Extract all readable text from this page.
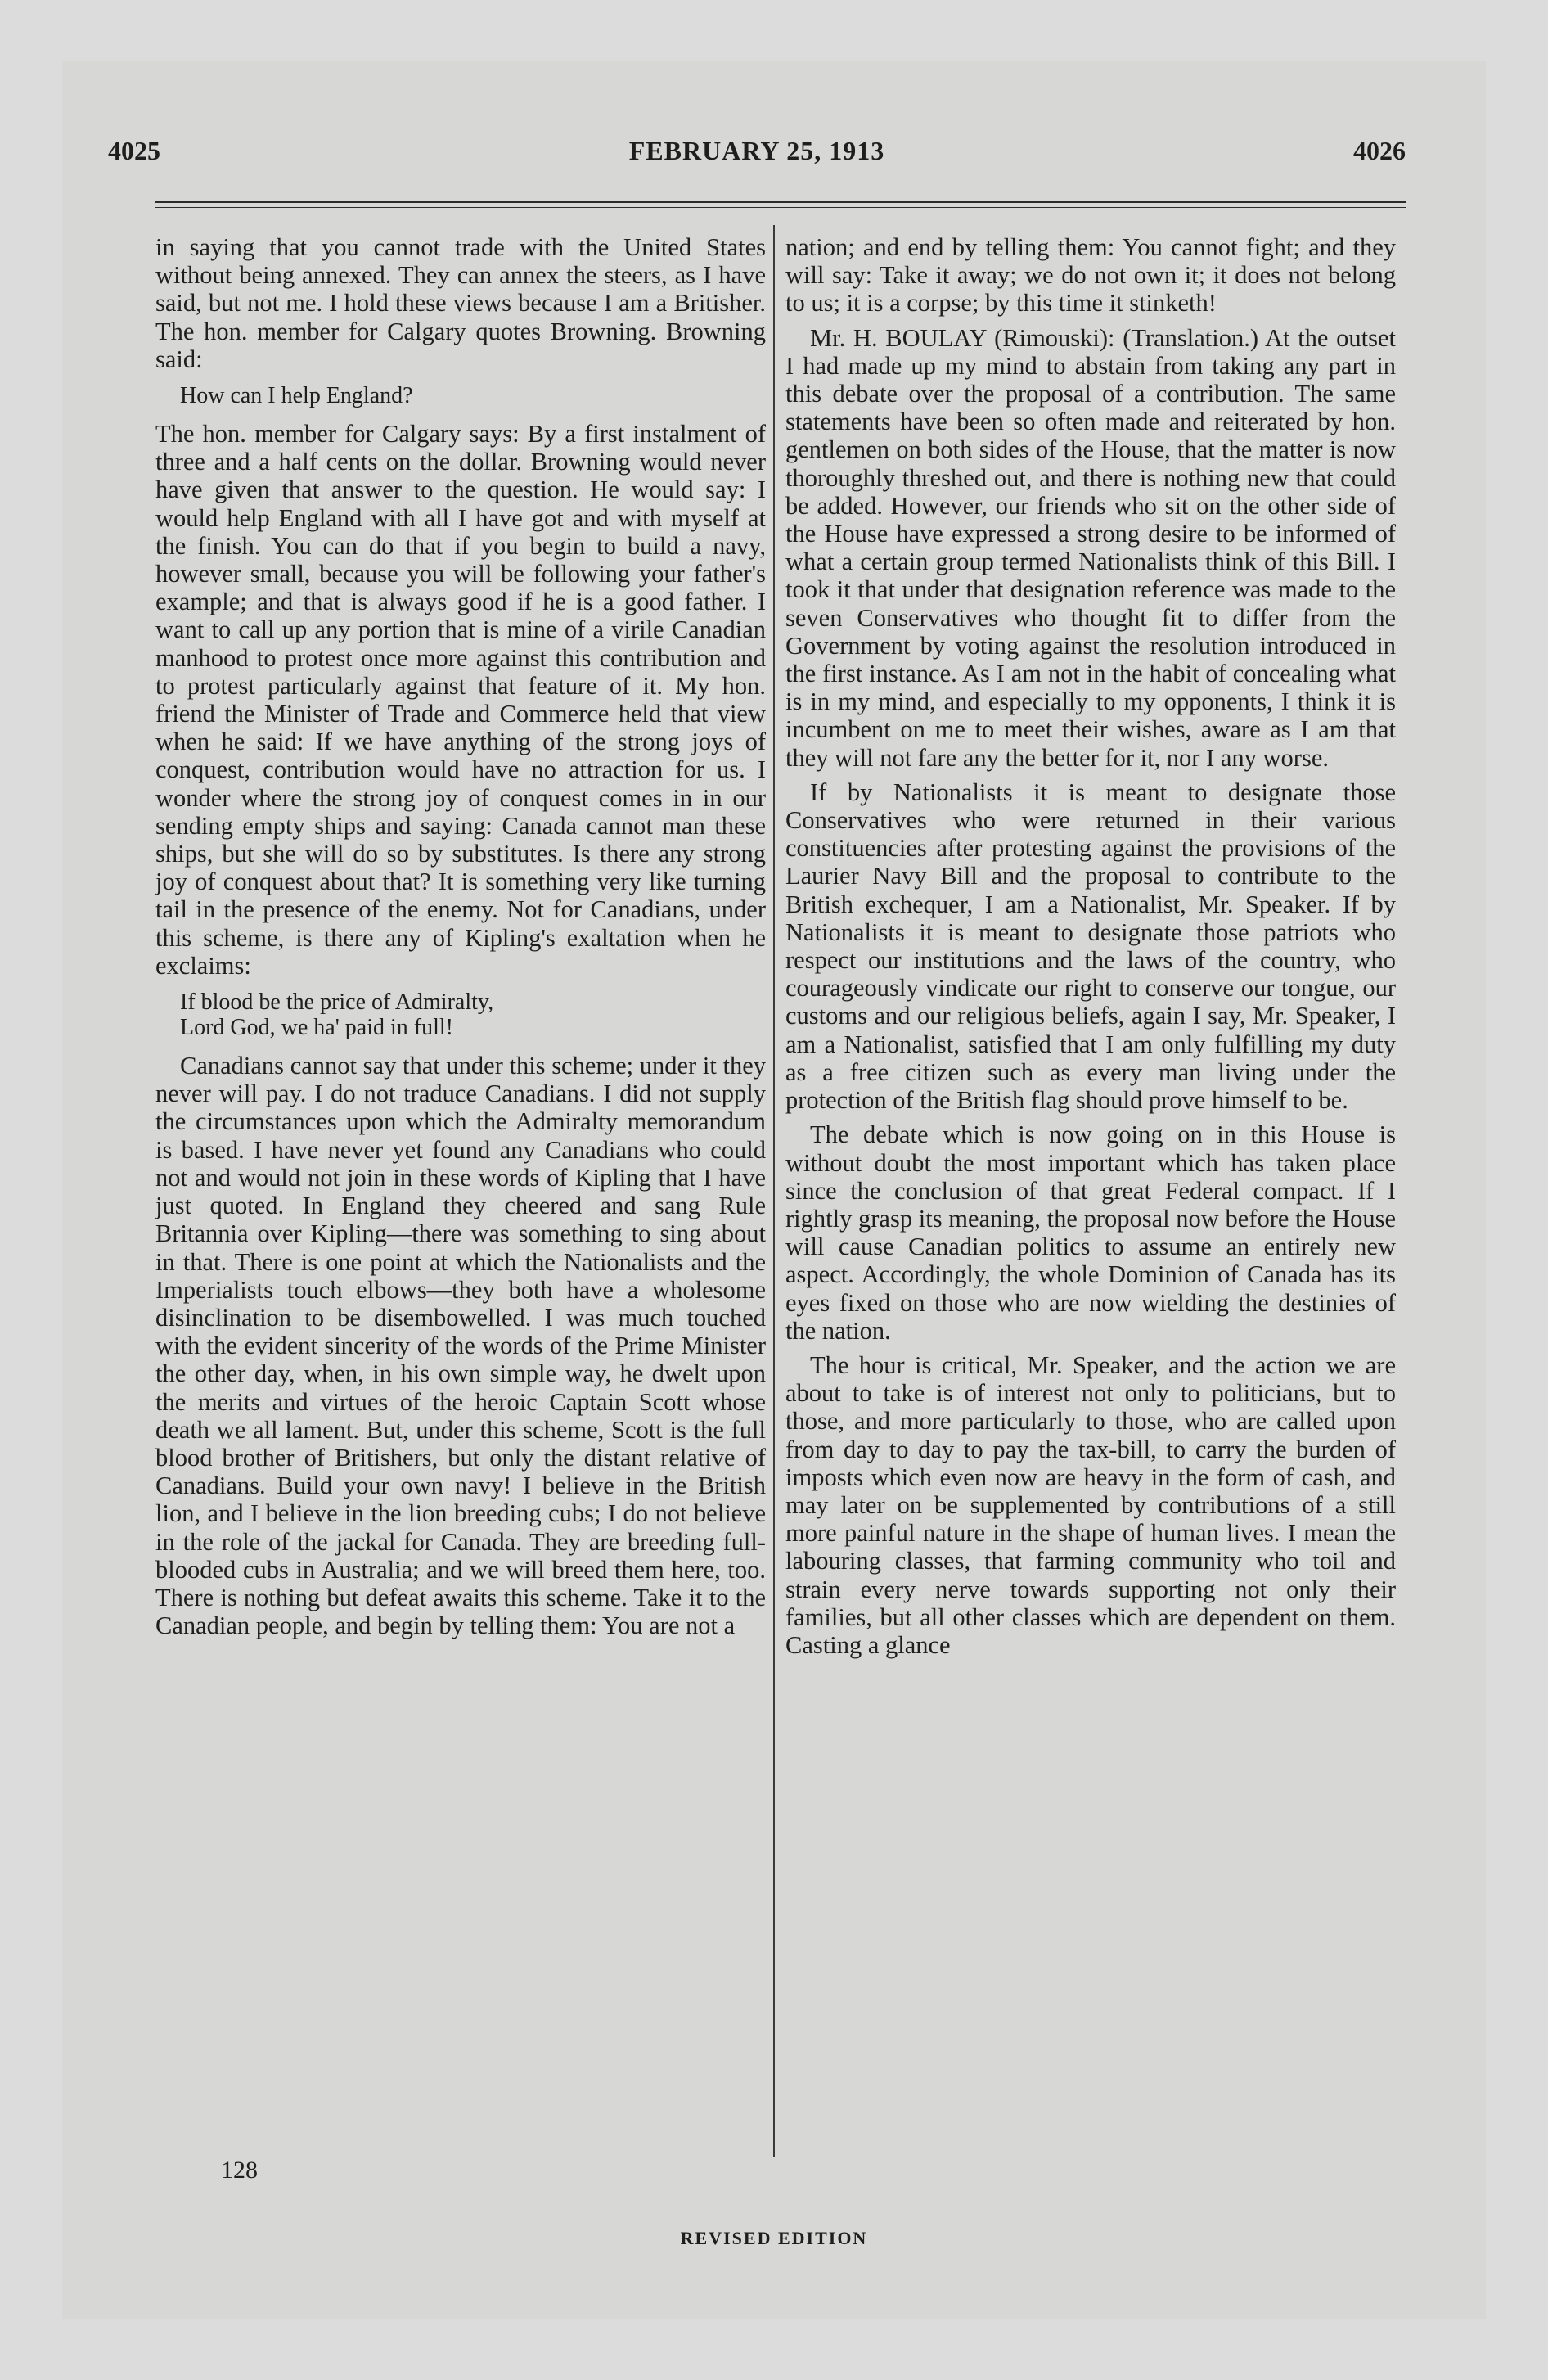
4025	FEBRUARY 25, 1913	4026

in saying that you cannot trade with the United States without being annexed. They can annex the steers, as I have said, but not me. I hold these views because I am a Britisher. The hon. member for Calgary quotes Browning. Browning said:

How can I help England?

The hon. member for Calgary says: By a first instalment of three and a half cents on the dollar. Browning would never have given that answer to the question. He would say: I would help England with all I have got and with myself at the finish. You can do that if you begin to build a navy, however small, because you will be following your father's example; and that is always good if he is a good father. I want to call up any portion that is mine of a virile Canadian manhood to protest once more against this contribution and to protest particularly against that feature of it. My hon. friend the Minister of Trade and Commerce held that view when he said: If we have anything of the strong joys of conquest, contribution would have no attraction for us. I wonder where the strong joy of conquest comes in in our sending empty ships and saying: Canada cannot man these ships, but she will do so by substitutes. Is there any strong joy of conquest about that? It is something very like turning tail in the presence of the enemy. Not for Canadians, under this scheme, is there any of Kipling's exaltation when he exclaims:

If blood be the price of Admiralty,
Lord God, we ha' paid in full!

Canadians cannot say that under this scheme; under it they never will pay. I do not traduce Canadians. I did not supply the circumstances upon which the Admiralty memorandum is based. I have never yet found any Canadians who could not and would not join in these words of Kipling that I have just quoted. In England they cheered and sang Rule Britannia over Kipling—there was something to sing about in that. There is one point at which the Nationalists and the Imperialists touch elbows—they both have a wholesome disinclination to be disembowelled. I was much touched with the evident sincerity of the words of the Prime Minister the other day, when, in his own simple way, he dwelt upon the merits and virtues of the heroic Captain Scott whose death we all lament. But, under this scheme, Scott is the full blood brother of Britishers, but only the distant relative of Canadians. Build your own navy! I believe in the British lion, and I believe in the lion breeding cubs; I do not believe in the role of the jackal for Canada. They are breeding full-blooded cubs in Australia; and we will breed them here, too. There is nothing but defeat awaits this scheme. Take it to the Canadian people, and begin by telling them: You are not a

nation; and end by telling them: You cannot fight; and they will say: Take it away; we do not own it; it does not belong to us; it is a corpse; by this time it stinketh!

Mr. H. BOULAY (Rimouski): (Translation.) At the outset I had made up my mind to abstain from taking any part in this debate over the proposal of a contribution. The same statements have been so often made and reiterated by hon. gentlemen on both sides of the House, that the matter is now thoroughly threshed out, and there is nothing new that could be added. However, our friends who sit on the other side of the House have expressed a strong desire to be informed of what a certain group termed Nationalists think of this Bill. I took it that under that designation reference was made to the seven Conservatives who thought fit to differ from the Government by voting against the resolution introduced in the first instance. As I am not in the habit of concealing what is in my mind, and especially to my opponents, I think it is incumbent on me to meet their wishes, aware as I am that they will not fare any the better for it, nor I any worse.

If by Nationalists it is meant to designate those Conservatives who were returned in their various constituencies after protesting against the provisions of the Laurier Navy Bill and the proposal to contribute to the British exchequer, I am a Nationalist, Mr. Speaker. If by Nationalists it is meant to designate those patriots who respect our institutions and the laws of the country, who courageously vindicate our right to conserve our tongue, our customs and our religious beliefs, again I say, Mr. Speaker, I am a Nationalist, satisfied that I am only fulfilling my duty as a free citizen such as every man living under the protection of the British flag should prove himself to be.

The debate which is now going on in this House is without doubt the most important which has taken place since the conclusion of that great Federal compact. If I rightly grasp its meaning, the proposal now before the House will cause Canadian politics to assume an entirely new aspect. Accordingly, the whole Dominion of Canada has its eyes fixed on those who are now wielding the destinies of the nation.

The hour is critical, Mr. Speaker, and the action we are about to take is of interest not only to politicians, but to those, and more particularly to those, who are called upon from day to day to pay the tax-bill, to carry the burden of imposts which even now are heavy in the form of cash, and may later on be supplemented by contributions of a still more painful nature in the shape of human lives. I mean the labouring classes, that farming community who toil and strain every nerve towards supporting not only their families, but all other classes which are dependent on them. Casting a glance

128
REVISED EDITION
